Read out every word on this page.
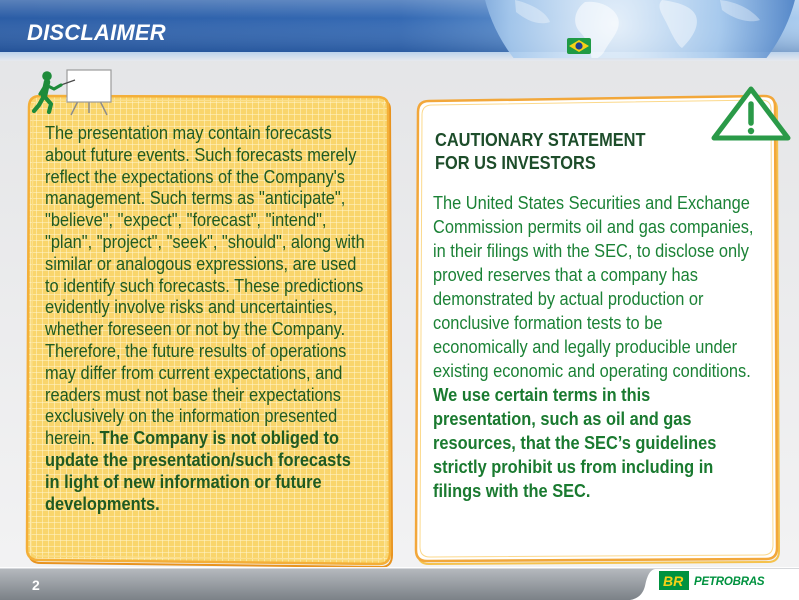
BR PETROBRAS
DISCLAIMER
The presentation may contain forecasts
about future events. Such forecasts merely
reflect the expectations of the Company's
management. Such terms as "anticipate",
"believe", "expect", "forecast", "intend",
"plan", "project", "seek", "should", along with
similar or analogous expressions, are used
to identify such forecasts. These predictions
evidently involve risks and uncertainties,
whether foreseen or not by the Company.
Therefore, the future results of operations
may differ from current expectations, and
readers must not base their expectations
exclusively on the information presented
herein. The Company is not obliged to
update the presentation/such forecasts
in light of new information or future
developments.
CAUTIONARY STATEMENT
FOR US INVESTORS
The United States Securities and Exchange
Commission permits oil and gas companies,
in their filings with the SEC, to disclose only
proved reserves that a company has
demonstrated by actual production or
conclusive formation tests to be
economically and legally producible under
existing economic and operating conditions.
We use certain terms in this
presentation, such as oil and gas
resources, that the SEC’s guidelines
strictly prohibit us from including in
filings with the SEC.
2
